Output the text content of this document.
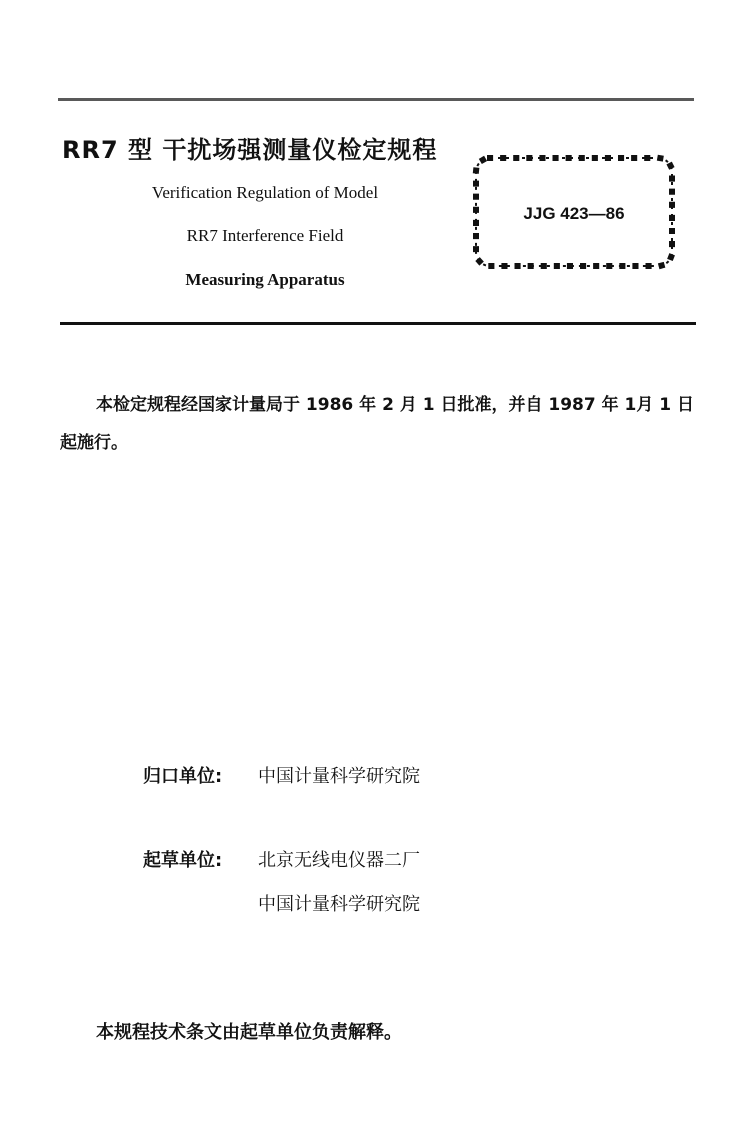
RR7 型 干扰场强测量仪检定规程
Verification Regulation of Model
RR7 Interference Field
Measuring Apparatus
JJG 423—86
本检定规程经国家计量局于 1986 年 2 月 1 日批准，并自 1987 年 1月 1 日起施行。
归口单位: 中国计量科学研究院
起草单位: 北京无线电仪器二厂
中国计量科学研究院
本规程技术条文由起草单位负责解释。
